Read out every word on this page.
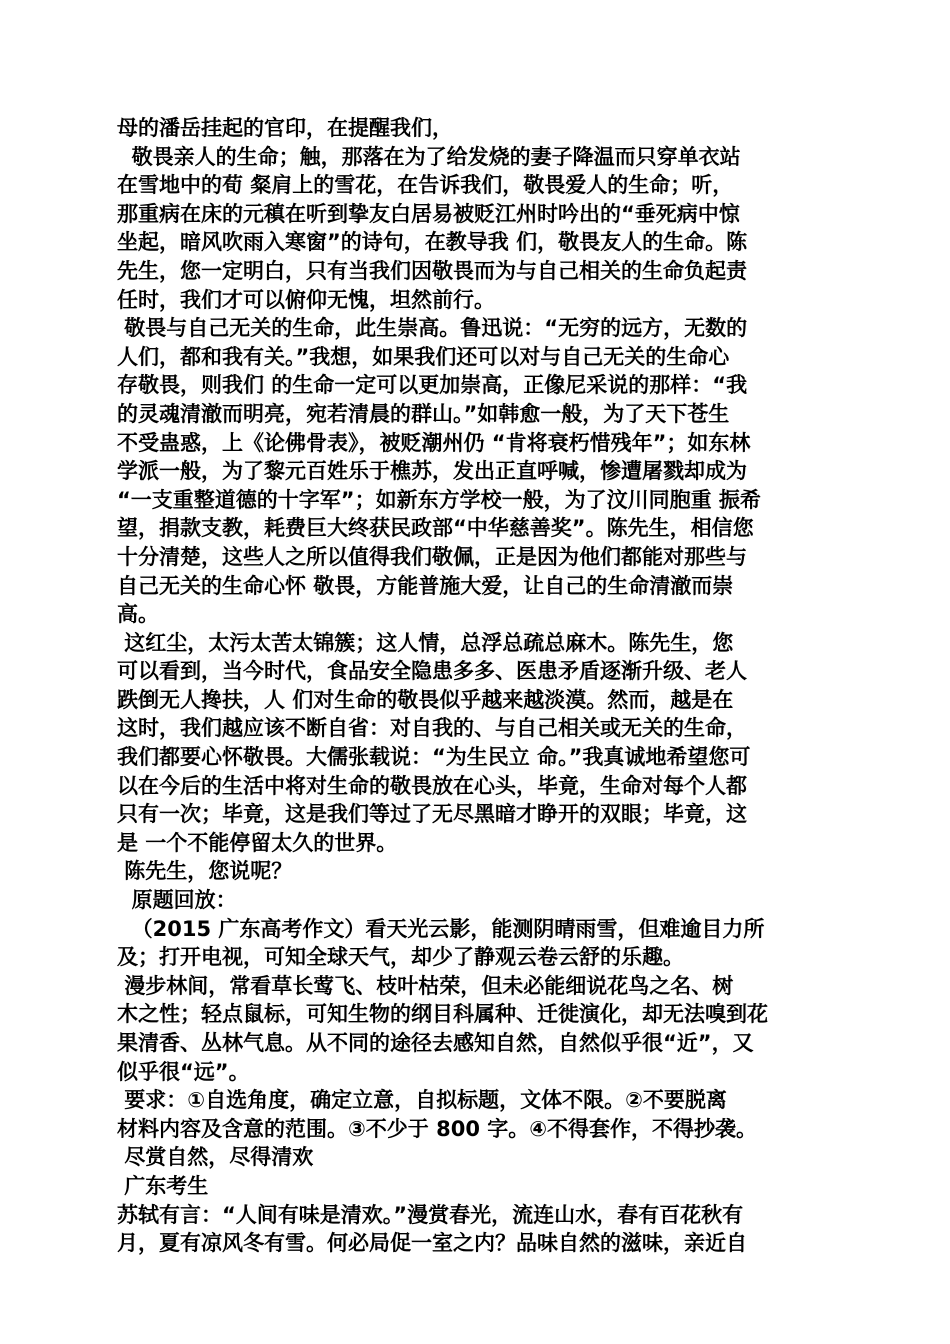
母的潘岳挂起的官印，在提醒我们，
敬畏亲人的生命；触，那落在为了给发烧的妻子降温而只穿单衣站
在雪地中的荀 粲肩上的雪花，在告诉我们，敬畏爱人的生命；听，
那重病在床的元稹在听到挚友白居易被贬江州时吟出的“垂死病中惊
坐起，暗风吹雨入寒窗”的诗句，在教导我 们，敬畏友人的生命。陈
先生，您一定明白，只有当我们因敬畏而为与自己相关的生命负起责
任时，我们才可以俯仰无愧，坦然前行。
敬畏与自己无关的生命，此生崇高。鲁迅说：“无穷的远方，无数的
人们，都和我有关。”我想，如果我们还可以对与自己无关的生命心
存敬畏，则我们 的生命一定可以更加崇高，正像尼采说的那样：“我
的灵魂清澈而明亮，宛若清晨的群山。”如韩愈一般，为了天下苍生
不受蛊惑，上《论佛骨表》，被贬潮州仍 “肯将衰朽惜残年”；如东林
学派一般，为了黎元百姓乐于樵苏，发出正直呼喊，惨遭屠戮却成为
“一支重整道德的十字军”；如新东方学校一般，为了汶川同胞重 振希
望，捐款支教，耗费巨大终获民政部“中华慈善奖”。陈先生，相信您
十分清楚，这些人之所以值得我们敬佩，正是因为他们都能对那些与
自己无关的生命心怀 敬畏，方能普施大爱，让自己的生命清澈而崇
高。
这红尘，太污太苦太锦簇；这人情，总浮总疏总麻木。陈先生，您
可以看到，当今时代，食品安全隐患多多、医患矛盾逐渐升级、老人
跌倒无人搀扶，人 们对生命的敬畏似乎越来越淡漠。然而，越是在
这时，我们越应该不断自省：对自我的、与自己相关或无关的生命，
我们都要心怀敬畏。大儒张载说：“为生民立 命。”我真诚地希望您可
以在今后的生活中将对生命的敬畏放在心头，毕竟，生命对每个人都
只有一次；毕竟，这是我们等过了无尽黑暗才睁开的双眼；毕竟，这
是 一个不能停留太久的世界。
陈先生，您说呢？
原题回放：
（2015 广东高考作文）看天光云影，能测阴晴雨雪，但难逾目力所
及；打开电视，可知全球天气，却少了静观云卷云舒的乐趣。
漫步林间，常看草长莺飞、枝叶枯荣，但未必能细说花鸟之名、树
木之性；轻点鼠标，可知生物的纲目科属种、迁徙演化，却无法嗅到花
果清香、丛林气息。从不同的途径去感知自然，自然似乎很“近”，又
似乎很“远”。
要求：①自选角度，确定立意，自拟标题，文体不限。②不要脱离
材料内容及含意的范围。③不少于 800 字。④不得套作，不得抄袭。
尽赏自然，尽得清欢
广东考生
苏轼有言：“人间有味是清欢。”漫赏春光，流连山水，春有百花秋有
月，夏有凉风冬有雪。何必局促一室之内？品味自然的滋味，亲近自
